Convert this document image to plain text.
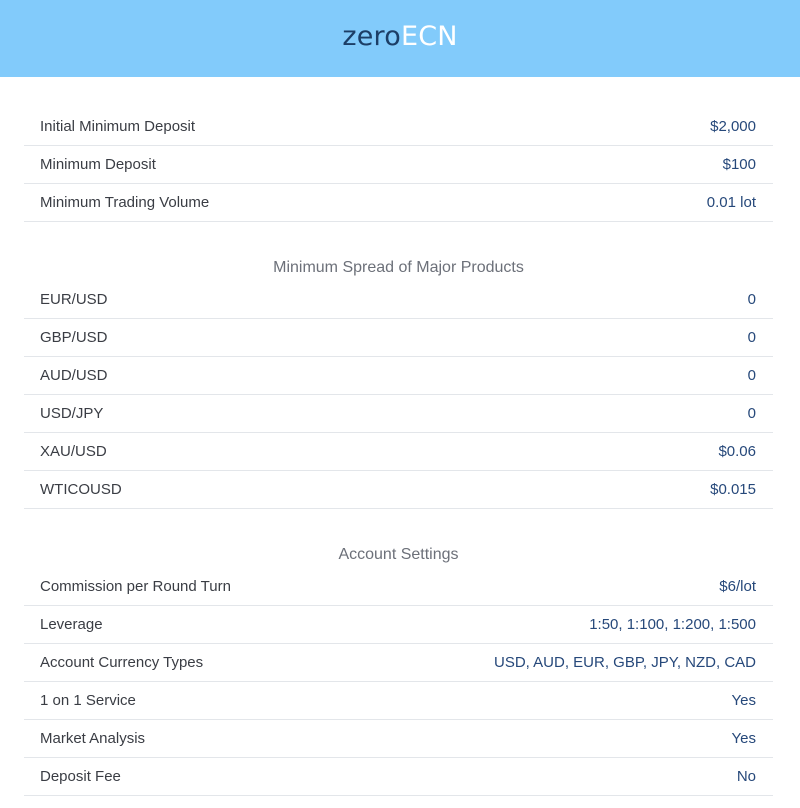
zeroECN
Initial Minimum Deposit	$2,000
Minimum Deposit	$100
Minimum Trading Volume	0.01 lot
Minimum Spread of Major Products
EUR/USD	0
GBP/USD	0
AUD/USD	0
USD/JPY	0
XAU/USD	$0.06
WTICOUSD	$0.015
Account Settings
Commission per Round Turn	$6/lot
Leverage	1:50, 1:100, 1:200, 1:500
Account Currency Types	USD, AUD, EUR, GBP, JPY, NZD, CAD
1 on 1 Service	Yes
Market Analysis	Yes
Deposit Fee	No
